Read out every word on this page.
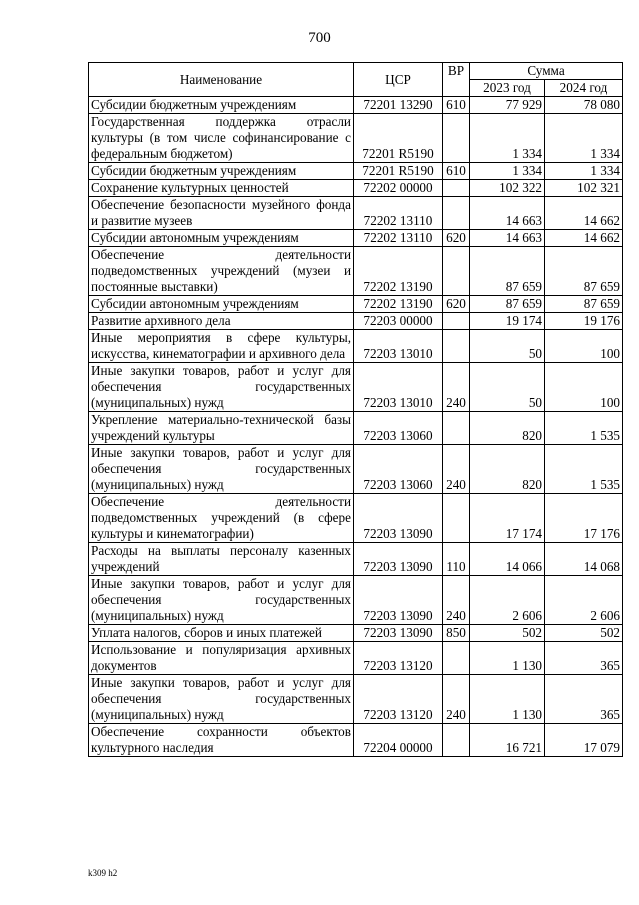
700
Наименование	ЦСР	ВР	Сумма	
			2023 год	2024 год
Субсидии бюджетным учреждениям	72201 13290	610	77 929	78 080
Государственная поддержка отрасли культуры (в том числе софинансирование с федеральным бюджетом)	72201 R5190		1 334	1 334
Субсидии бюджетным учреждениям	72201 R5190	610	1 334	1 334
Сохранение культурных ценностей	72202 00000		102 322	102 321
Обеспечение безопасности музейного фонда и развитие музеев	72202 13110		14 663	14 662
Субсидии автономным учреждениям	72202 13110	620	14 663	14 662
Обеспечение деятельности подведомственных учреждений (музеи и постоянные выставки)	72202 13190		87 659	87 659
Субсидии автономным учреждениям	72202 13190	620	87 659	87 659
Развитие архивного дела	72203 00000		19 174	19 176
Иные мероприятия в сфере культуры, искусства, кинематографии и архивного дела	72203 13010		50	100
Иные закупки товаров, работ и услуг для обеспечения государственных (муниципальных) нужд	72203 13010	240	50	100
Укрепление материально-технической базы учреждений культуры	72203 13060		820	1 535
Иные закупки товаров, работ и услуг для обеспечения государственных (муниципальных) нужд	72203 13060	240	820	1 535
Обеспечение деятельности подведомственных учреждений (в сфере культуры и кинематографии)	72203 13090		17 174	17 176
Расходы на выплаты персоналу казенных учреждений	72203 13090	110	14 066	14 068
Иные закупки товаров, работ и услуг для обеспечения государственных (муниципальных) нужд	72203 13090	240	2 606	2 606
Уплата налогов, сборов и иных платежей	72203 13090	850	502	502
Использование и популяризация архивных документов	72203 13120		1 130	365
Иные закупки товаров, работ и услуг для обеспечения государственных (муниципальных) нужд	72203 13120	240	1 130	365
Обеспечение сохранности объектов культурного наследия	72204 00000		16 721	17 079
k309 h2
